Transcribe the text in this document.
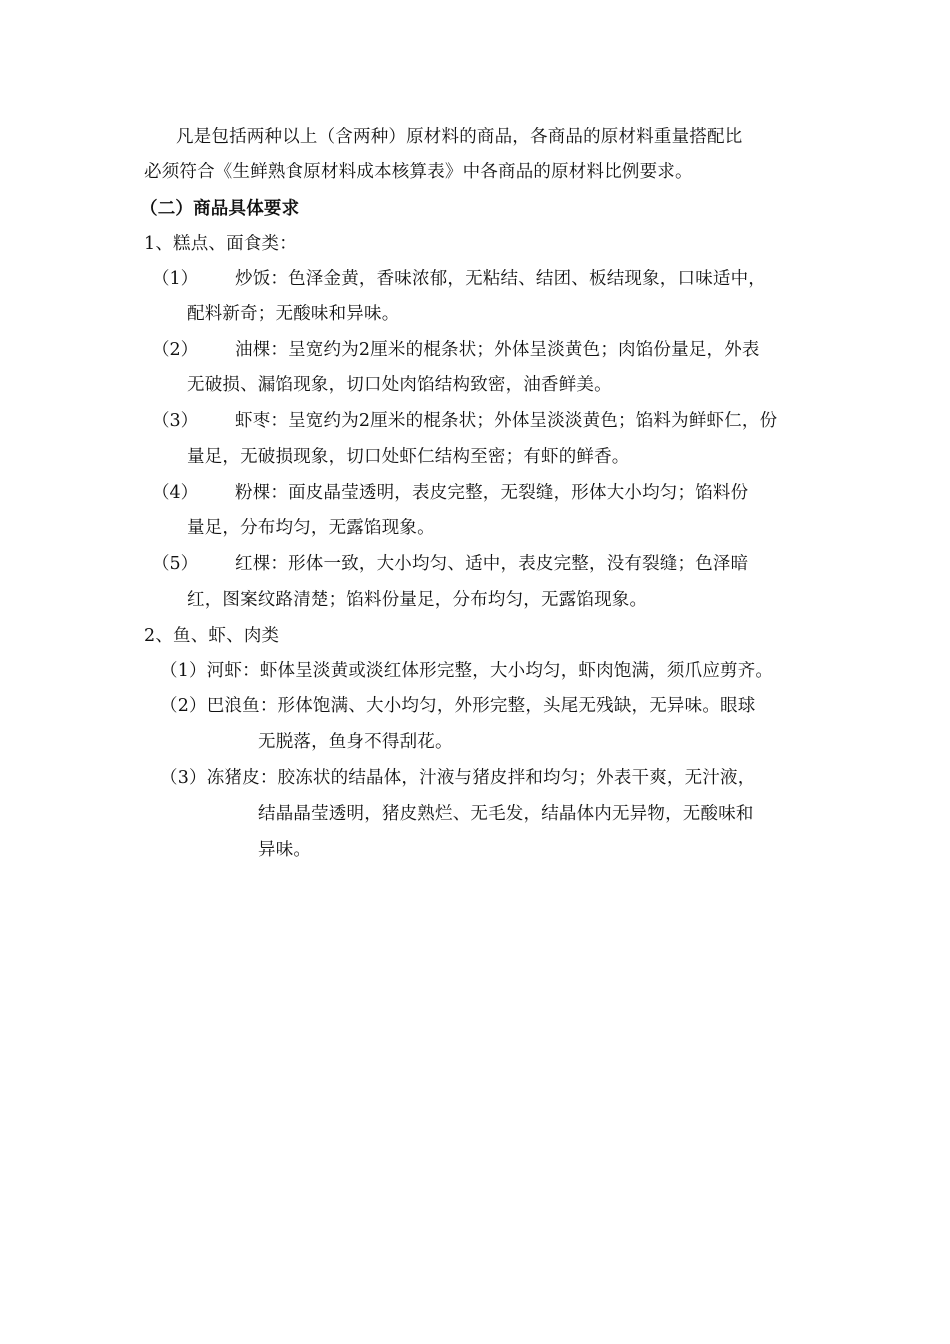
凡是包括两种以上（含两种）原材料的商品，各商品的原材料重量搭配比
必须符合《生鲜熟食原材料成本核算表》中各商品的原材料比例要求。
（二）商品具体要求
1、糕点、面食类：
（1） 炒饭：色泽金黄，香味浓郁，无粘结、结团、板结现象，口味适中，
配料新奇；无酸味和异味。
（2） 油棵：呈宽约为2厘米的棍条状；外体呈淡黄色；肉馅份量足，外表
无破损、漏馅现象，切口处肉馅结构致密，油香鲜美。
（3） 虾枣：呈宽约为2厘米的棍条状；外体呈淡淡黄色；馅料为鲜虾仁，份
量足，无破损现象，切口处虾仁结构至密；有虾的鲜香。
（4） 粉棵：面皮晶莹透明，表皮完整，无裂缝，形体大小均匀；馅料份
量足，分布均匀，无露馅现象。
（5） 红棵：形体一致，大小均匀、适中，表皮完整，没有裂缝；色泽暗
红，图案纹路清楚；馅料份量足，分布均匀，无露馅现象。
2、鱼、虾、肉类
（1）河虾：虾体呈淡黄或淡红体形完整，大小均匀，虾肉饱满，须爪应剪齐。
（2）巴浪鱼：形体饱满、大小均匀，外形完整，头尾无残缺，无异味。眼球
无脱落，鱼身不得刮花。
（3）冻猪皮：胶冻状的结晶体，汁液与猪皮拌和均匀；外表干爽，无汁液，
结晶晶莹透明，猪皮熟烂、无毛发，结晶体内无异物，无酸味和
异味。
